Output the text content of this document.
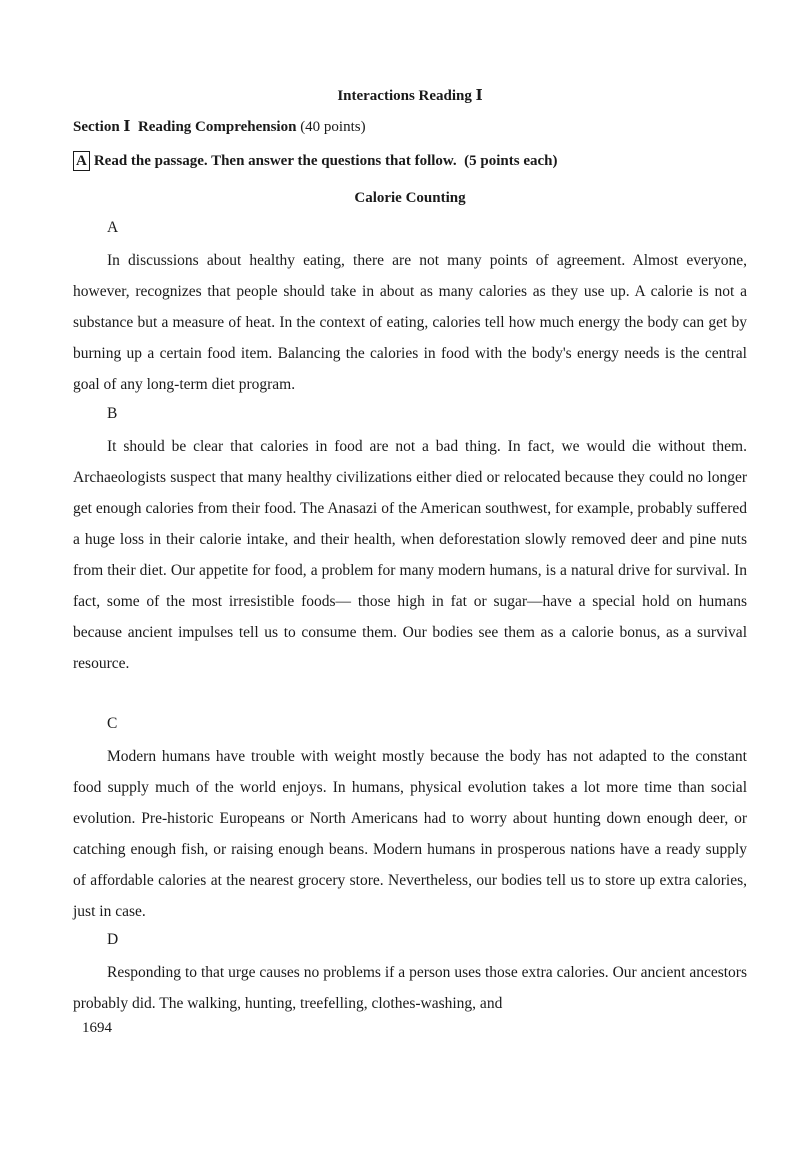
Interactions Reading Ⅰ
Section Ⅰ Reading Comprehension (40 points)
A Read the passage. Then answer the questions that follow. (5 points each)
Calorie Counting
A

In discussions about healthy eating, there are not many points of agreement. Almost everyone, however, recognizes that people should take in about as many calories as they use up. A calorie is not a substance but a measure of heat. In the context of eating, calories tell how much energy the body can get by burning up a certain food item. Balancing the calories in food with the body's energy needs is the central goal of any long-term diet program.

B

It should be clear that calories in food are not a bad thing. In fact, we would die without them. Archaeologists suspect that many healthy civilizations either died or relocated because they could no longer get enough calories from their food. The Anasazi of the American southwest, for example, probably suffered a huge loss in their calorie intake, and their health, when deforestation slowly removed deer and pine nuts from their diet. Our appetite for food, a problem for many modern humans, is a natural drive for survival. In fact, some of the most irresistible foods— those high in fat or sugar—have a special hold on humans because ancient impulses tell us to consume them. Our bodies see them as a calorie bonus, as a survival resource.

C

Modern humans have trouble with weight mostly because the body has not adapted to the constant food supply much of the world enjoys. In humans, physical evolution takes a lot more time than social evolution. Pre-historic Europeans or North Americans had to worry about hunting down enough deer, or catching enough fish, or raising enough beans. Modern humans in prosperous nations have a ready supply of affordable calories at the nearest grocery store. Nevertheless, our bodies tell us to store up extra calories, just in case.

D

Responding to that urge causes no problems if a person uses those extra calories. Our ancient ancestors probably did. The walking, hunting, treefelling, clothes-washing, and

1694
